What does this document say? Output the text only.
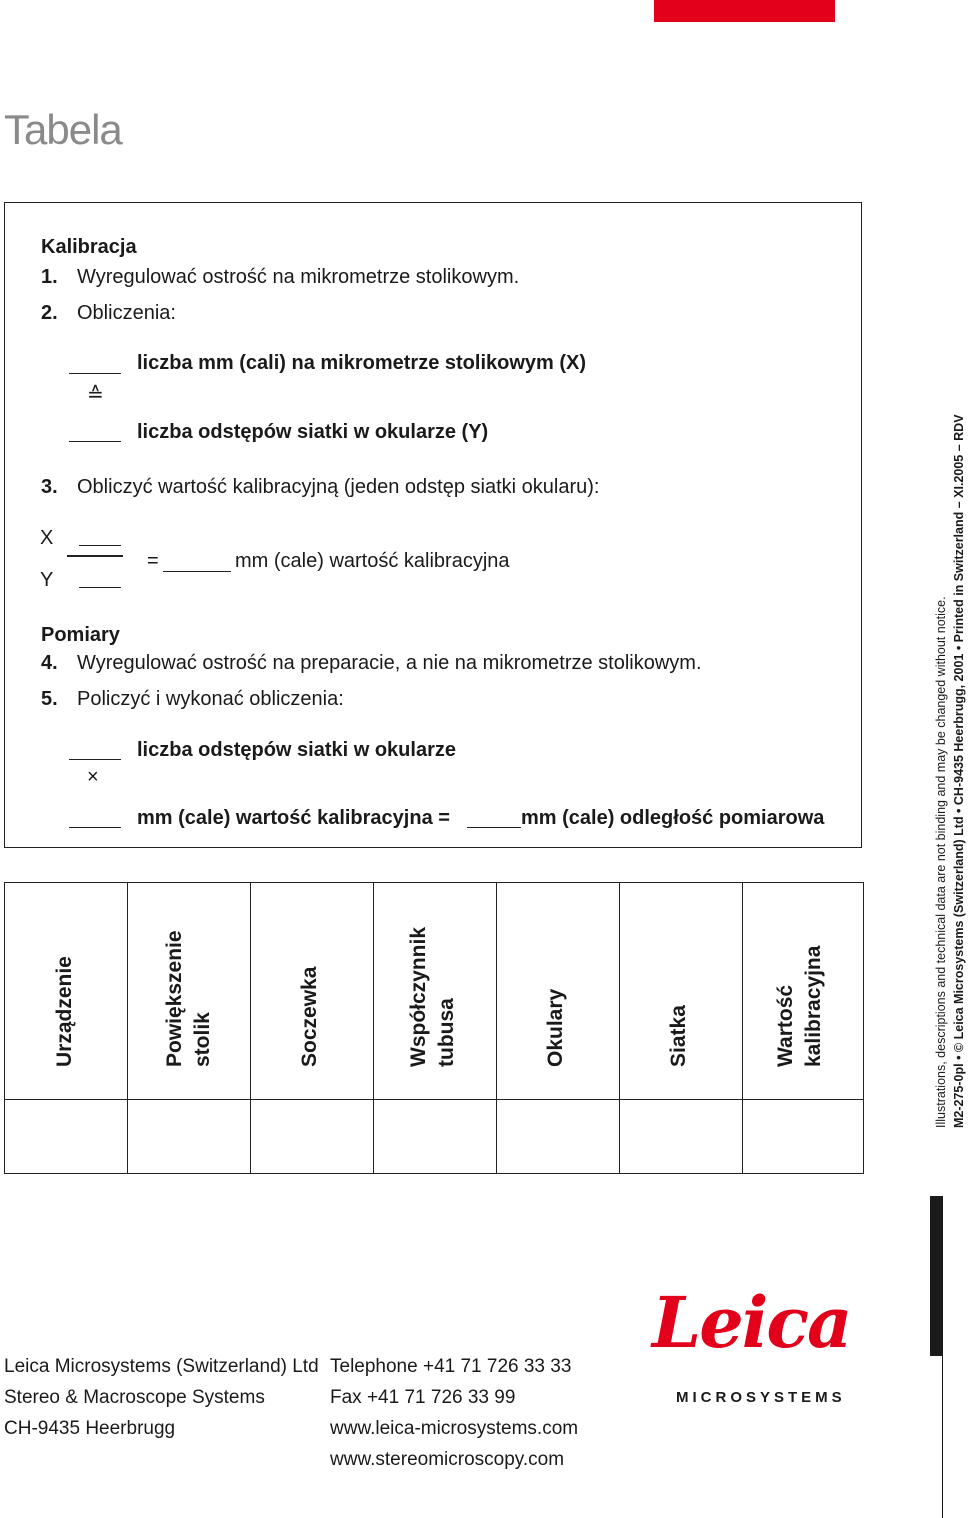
Tabela
Kalibracja
1. Wyregulować ostrość na mikrometrze stolikowym.
2. Obliczenia:
liczba mm (cali) na mikrometrze stolikowym (X)
≙
liczba odstępów siatki w okularze (Y)
3. Obliczyć wartość kalibracyjną (jeden odstęp siatki okularu):
X
Y
=	mm (cale) wartość kalibracyjna
Pomiary
4. Wyregulować ostrość na preparacie, a nie na mikrometrze stolikowym.
5. Policzyć i wykonać obliczenia:
liczba odstępów siatki w okularze
×
mm (cale) wartość kalibracyjna =	mm (cale) odległość pomiarowa
Urządzenie	Powiększenie stolik	Soczewka	Współczynnik tubusa	Okulary	Siatka	Wartość kalibracyjna	Illustrations, descriptions and technical data are not binding and may be changed without notice. M2-275-0pl • © Leica Microsystems (Switzerland) Ltd • CH-9435 Heerbrugg, 2001 • Printed in Switzerland – XI.2005 – RDV
Leica Microsystems (Switzerland) Ltd
Stereo & Macroscope Systems
CH-9435 Heerbrugg
Telephone +41 71 726 33 33
Fax +41 71 726 33 99
www.leica-microsystems.com
www.stereomicroscopy.com
Leica
MICROSYSTEMS
